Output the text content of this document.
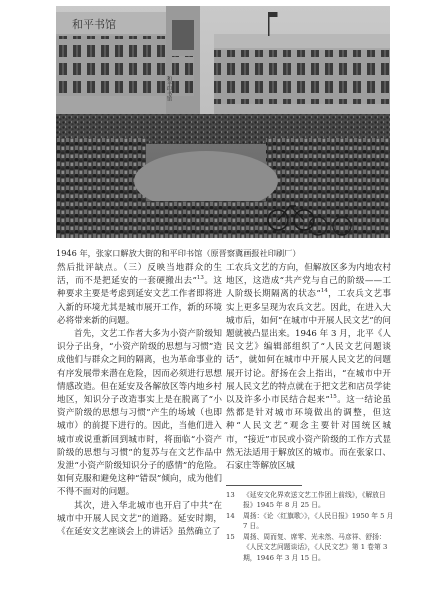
和平书馆
和平印书馆
1946 年，张家口解放大街的和平印书馆（原晋察冀画报社印刷厂）

然后批评缺点。（三）反映当地群众的生活，而不是把延安的一套硬搬出去”$^{13}$。这种要求主要是考虑到延安文艺工作者即将进入新的环境尤其是城市展开工作，新的环境必将带来新的问题。

首先，文艺工作者大多为小资产阶级知识分子出身，“小资产阶级的思想与习惯”造成他们与群众之间的隔离，也为革命事业的有序发展带来潜在危险，因而必须进行思想情感改造。但在延安及各解放区等内地乡村地区，知识分子改造事实上是在脱离了“小资产阶级的思想与习惯”产生的场域（也即城市）的前提下进行的。因此，当他们进入城市或说重新回到城市时，将面临“小资产阶级的思想与习惯”的复苏与在文艺作品中发泄“小资产阶级知识分子的感情”的危险。如何克服和避免这种“错误”倾向，成为他们不得不面对的问题。

其次，进入华北城市也开启了中共“在城市中开展人民文艺”的道路。延安时期，《在延安文艺座谈会上的讲话》虽然确立了

工农兵文艺的方向，但解放区多为内地农村地区，这造成“共产党与自己的阶级——工人阶级长期隔离的状态”$^{14}$，工农兵文艺事实上更多呈现为农兵文艺。因此，在进入大城市后，如何“在城市中开展人民文艺”的问题就被凸显出来。1946 年 3 月，北平《人民文艺》编辑部组织了“人民文艺问题谈话”，就如何在城市中开展人民文艺的问题展开讨论。舒扬在会上指出，“在城市中开展人民文艺的特点就在于把文艺和店员学徒以及许多小市民结合起来”$^{15}$。这一结论虽然都是针对城市环境做出的调整，但这种“人民文艺”观念主要针对国统区城市，“接近”市民或小资产阶级的工作方式显然无法适用于解放区的城市。而在张家口、石家庄等解放区城

13	《延安文化界欢送文艺工作团上前线》，《解放日报》1945 年 8 月 25 日。
14	周扬：《论〈红旗歌〉》，《人民日报》1950 年 5 月 7 日。
15	周扬、周而复、席零、光未然、马彦祥、舒扬：《人民文艺问题谈话》，《人民文艺》第 1 卷第 3 期，1946 年 3 月 15 日。
